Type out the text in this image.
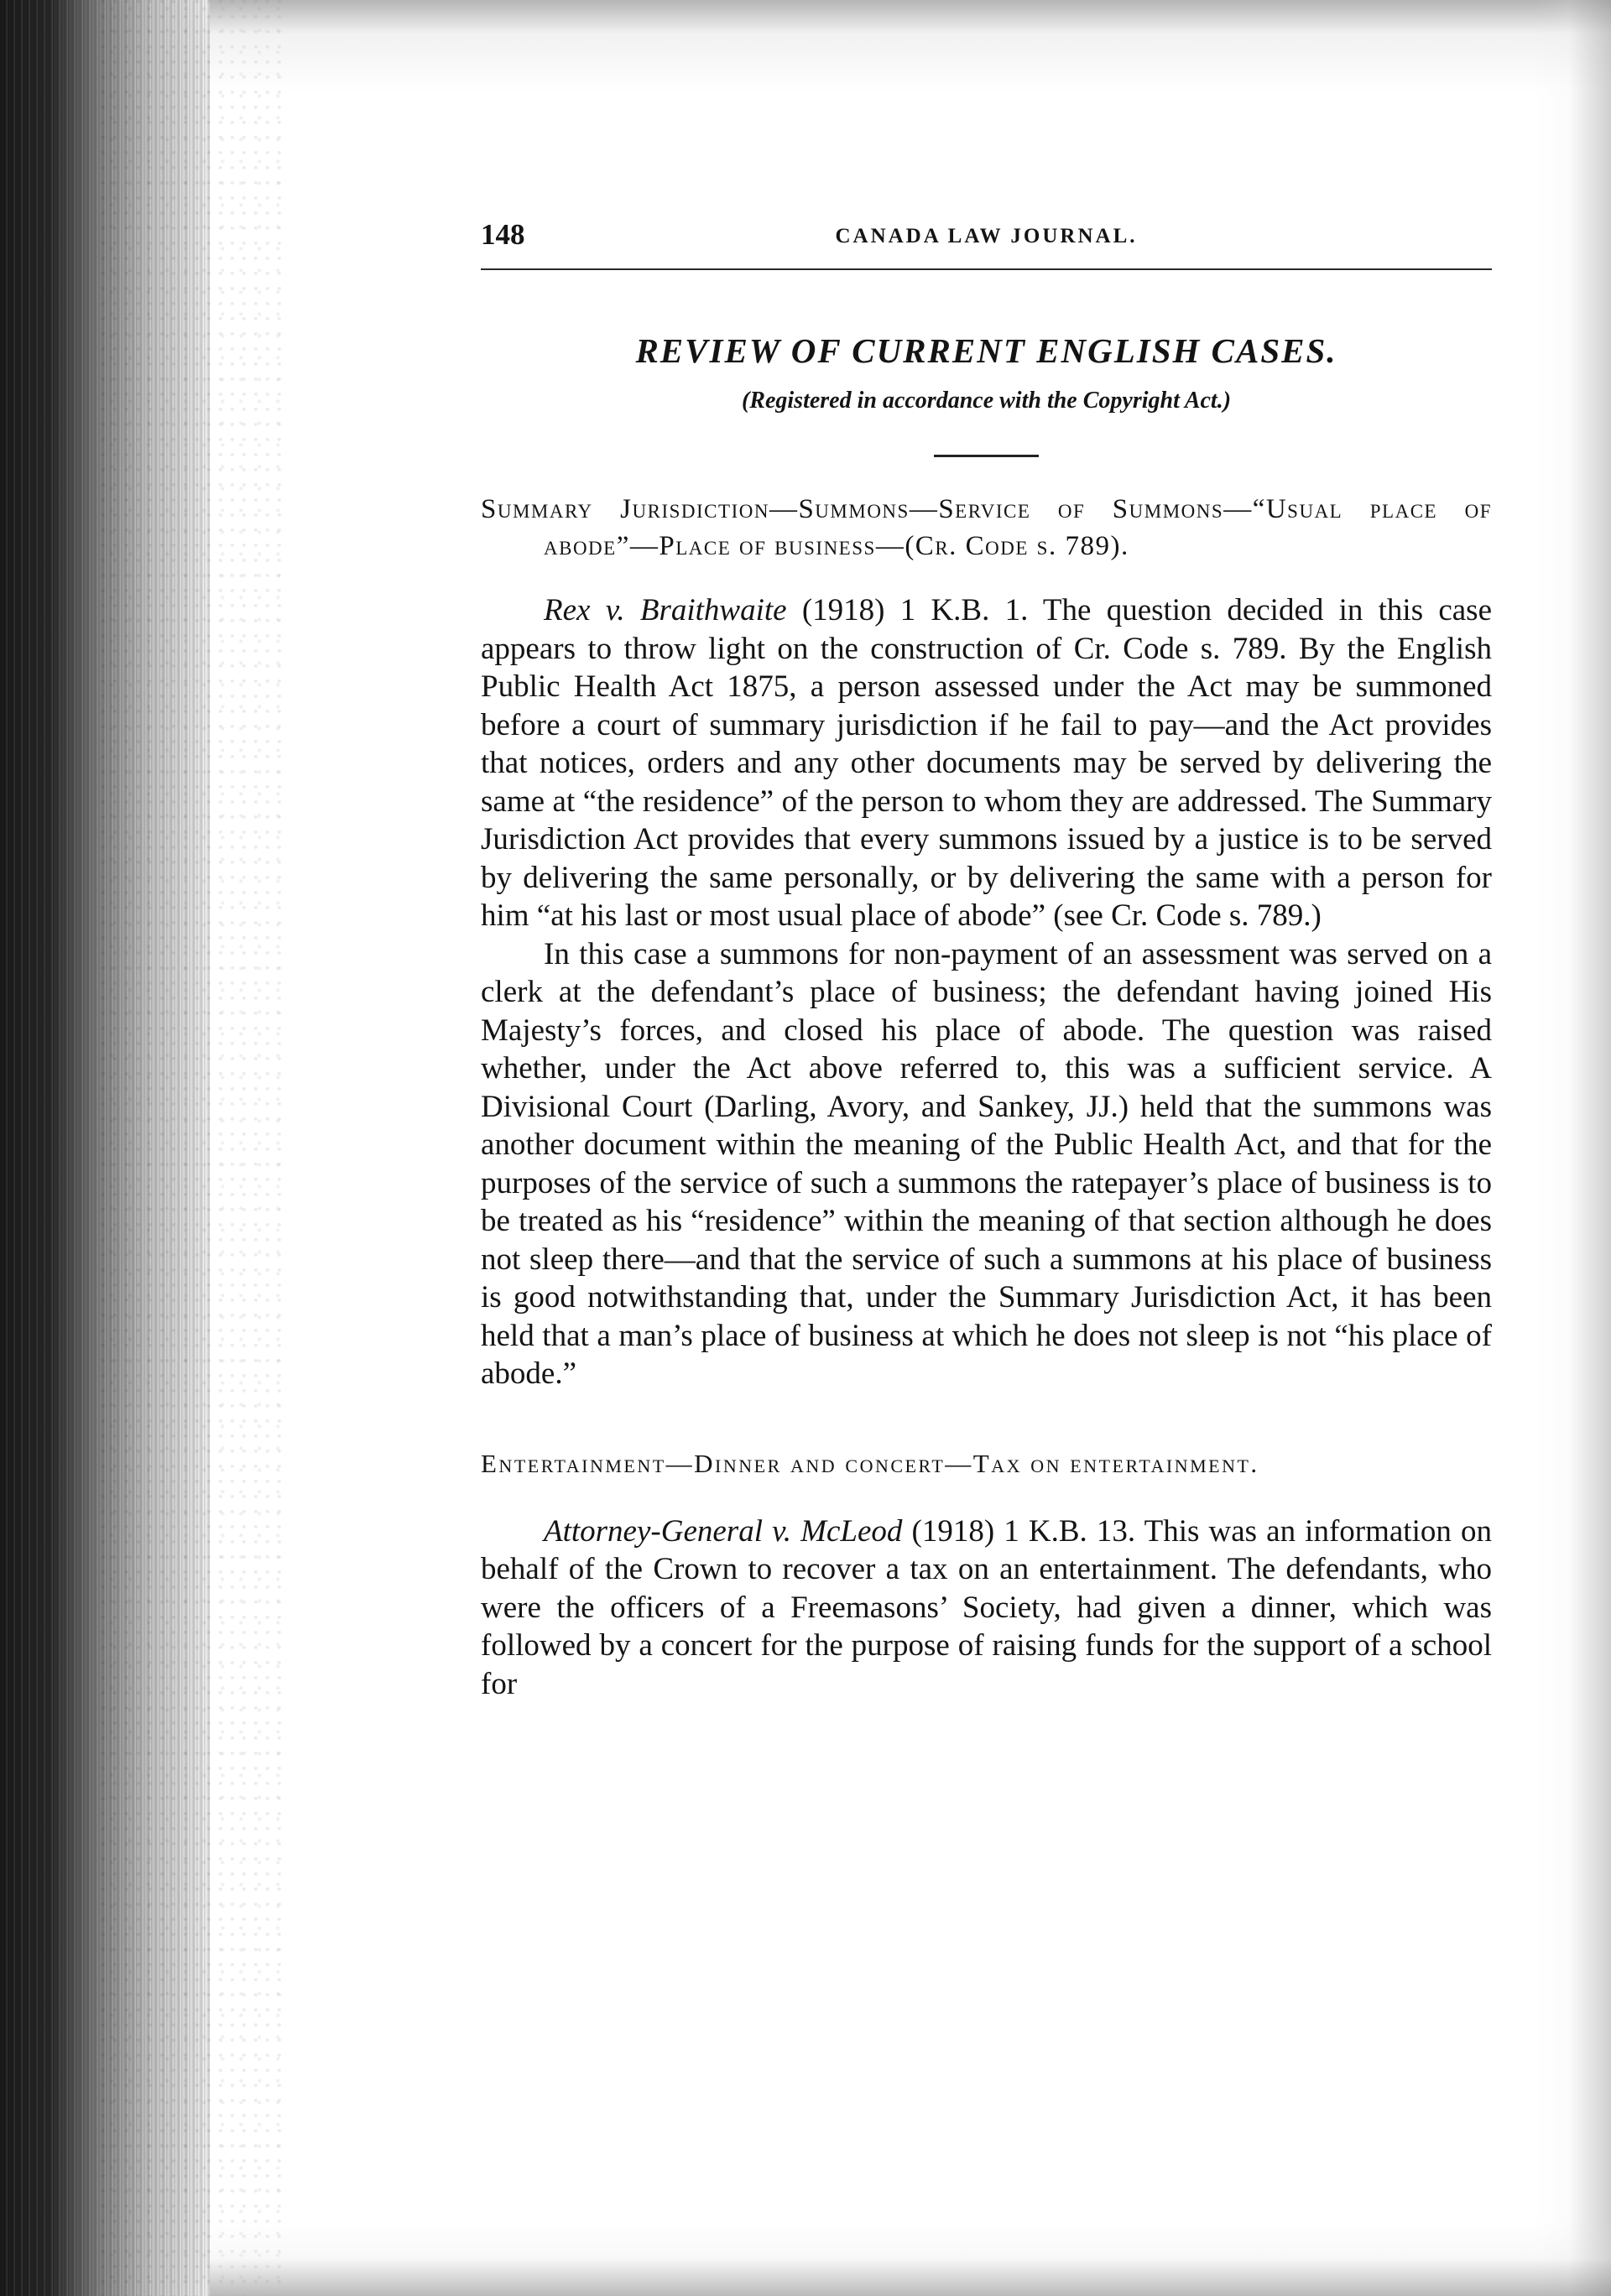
148	CANADA LAW JOURNAL.
REVIEW OF CURRENT ENGLISH CASES.
(Registered in accordance with the Copyright Act.)
Summary Jurisdiction—Summons—Service of Summons—“Usual place of abode”—Place of business—(Cr. Code s. 789).

Rex v. Braithwaite (1918) 1 K.B. 1. The question decided in this case appears to throw light on the construction of Cr. Code s. 789. By the English Public Health Act 1875, a person assessed under the Act may be summoned before a court of summary jurisdiction if he fail to pay—and the Act provides that notices, orders and any other documents may be served by delivering the same at “the residence” of the person to whom they are addressed. The Summary Jurisdiction Act provides that every summons issued by a justice is to be served by delivering the same personally, or by delivering the same with a person for him “at his last or most usual place of abode” (see Cr. Code s. 789.)

In this case a summons for non-payment of an assessment was served on a clerk at the defendant’s place of business; the defendant having joined His Majesty’s forces, and closed his place of abode. The question was raised whether, under the Act above referred to, this was a sufficient service. A Divisional Court (Darling, Avory, and Sankey, JJ.) held that the summons was another document within the meaning of the Public Health Act, and that for the purposes of the service of such a summons the ratepayer’s place of business is to be treated as his “residence” within the meaning of that section although he does not sleep there—and that the service of such a summons at his place of business is good notwithstanding that, under the Summary Jurisdiction Act, it has been held that a man’s place of business at which he does not sleep is not “his place of abode.”

Entertainment—Dinner and concert—Tax on entertainment.

Attorney-General v. McLeod (1918) 1 K.B. 13. This was an information on behalf of the Crown to recover a tax on an entertainment. The defendants, who were the officers of a Freemasons’ Society, had given a dinner, which was followed by a concert for the purpose of raising funds for the support of a school for
